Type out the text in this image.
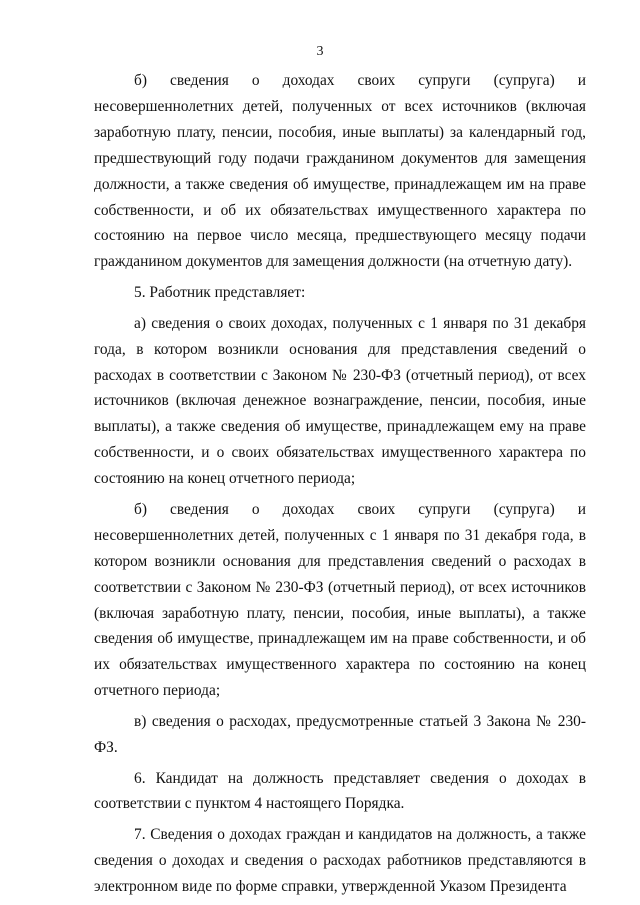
3

б) сведения о доходах своих супруги (супруга) и несовершеннолетних детей, полученных от всех источников (включая заработную плату, пенсии, пособия, иные выплаты) за календарный год, предшествующий году подачи гражданином документов для замещения должности, а также сведения об имуществе, принадлежащем им на праве собственности, и об их обязательствах имущественного характера по состоянию на первое число месяца, предшествующего месяцу подачи гражданином документов для замещения должности (на отчетную дату).

5. Работник представляет:

а) сведения о своих доходах, полученных с 1 января по 31 декабря года, в котором возникли основания для представления сведений о расходах в соответствии с Законом № 230-ФЗ (отчетный период), от всех источников (включая денежное вознаграждение, пенсии, пособия, иные выплаты), а также сведения об имуществе, принадлежащем ему на праве собственности, и о своих обязательствах имущественного характера по состоянию на конец отчетного периода;

б) сведения о доходах своих супруги (супруга) и несовершеннолетних детей, полученных с 1 января по 31 декабря года, в котором возникли основания для представления сведений о расходах в соответствии с Законом № 230-ФЗ (отчетный период), от всех источников (включая заработную плату, пенсии, пособия, иные выплаты), а также сведения об имуществе, принадлежащем им на праве собственности, и об их обязательствах имущественного характера по состоянию на конец отчетного периода;

в) сведения о расходах, предусмотренные статьей 3 Закона № 230-ФЗ.

6. Кандидат на должность представляет сведения о доходах в соответствии с пунктом 4 настоящего Порядка.

7. Сведения о доходах граждан и кандидатов на должность, а также сведения о доходах и сведения о расходах работников представляются в электронном виде по форме справки, утвержденной Указом Президента
